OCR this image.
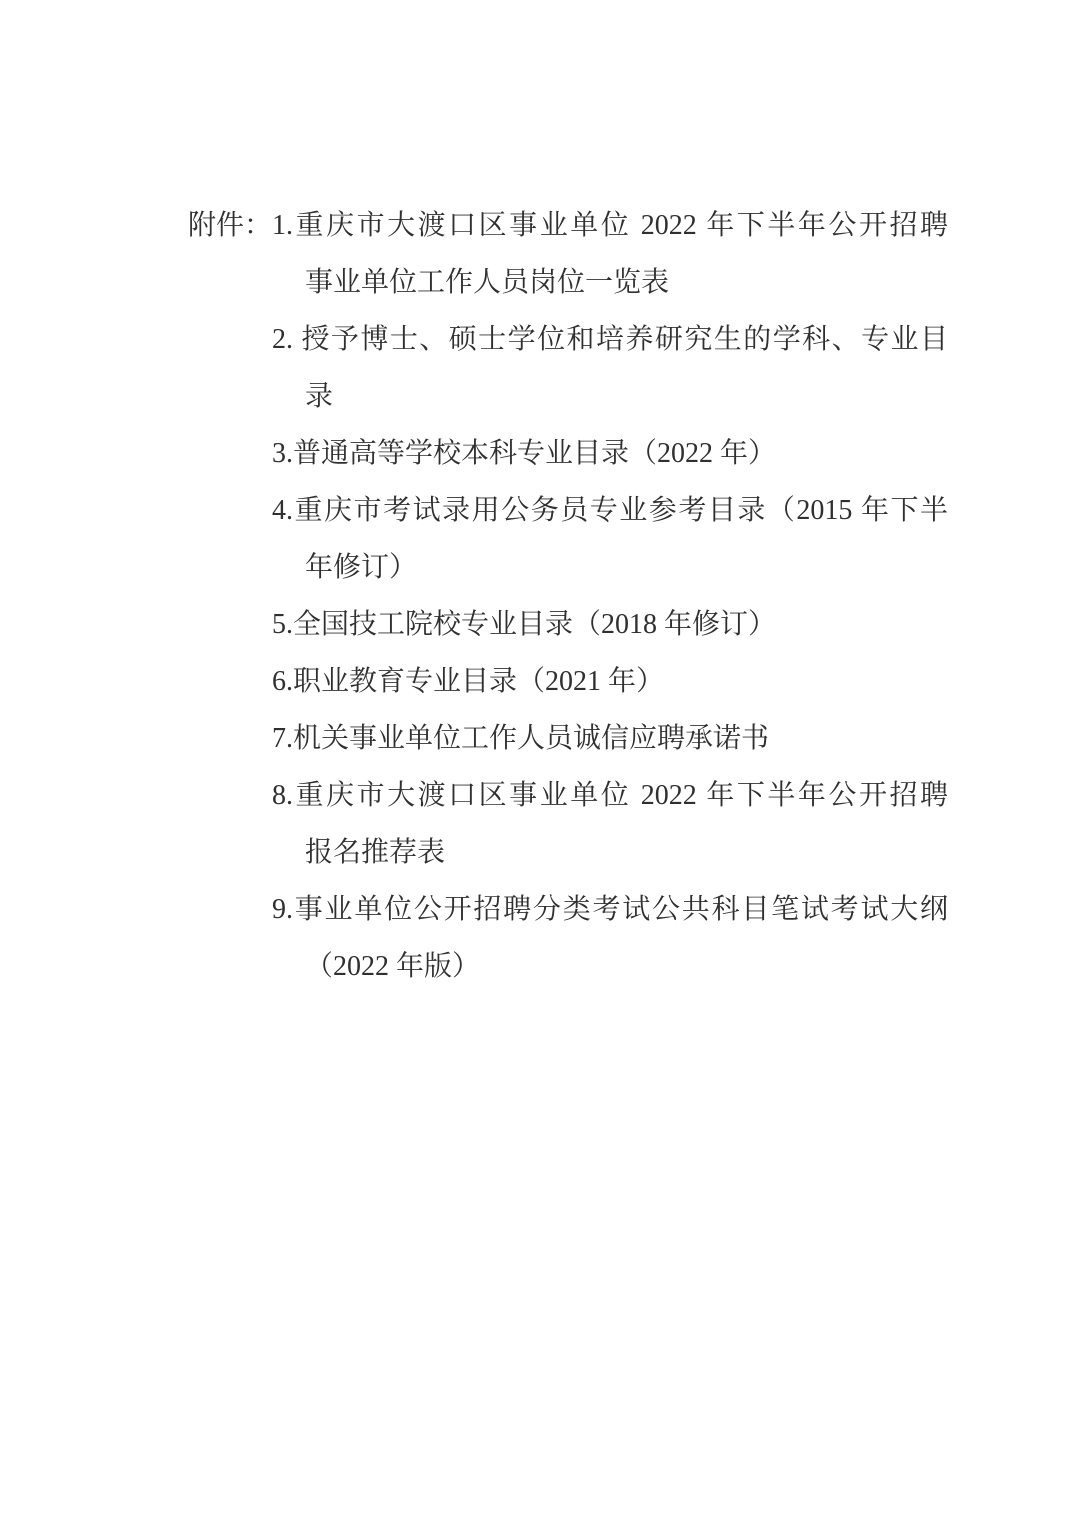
附件： 1.重庆市大渡口区事业单位 2022 年下半年公开招聘
事业单位工作人员岗位一览表
2. 授予博士、硕士学位和培养研究生的学科、专业目
录
3.普通高等学校本科专业目录（2022 年）
4.重庆市考试录用公务员专业参考目录（2015 年下半
年修订）
5.全国技工院校专业目录（2018 年修订）
6.职业教育专业目录（2021 年）
7.机关事业单位工作人员诚信应聘承诺书
8.重庆市大渡口区事业单位 2022 年下半年公开招聘
报名推荐表
9.事业单位公开招聘分类考试公共科目笔试考试大纲
（2022 年版）
